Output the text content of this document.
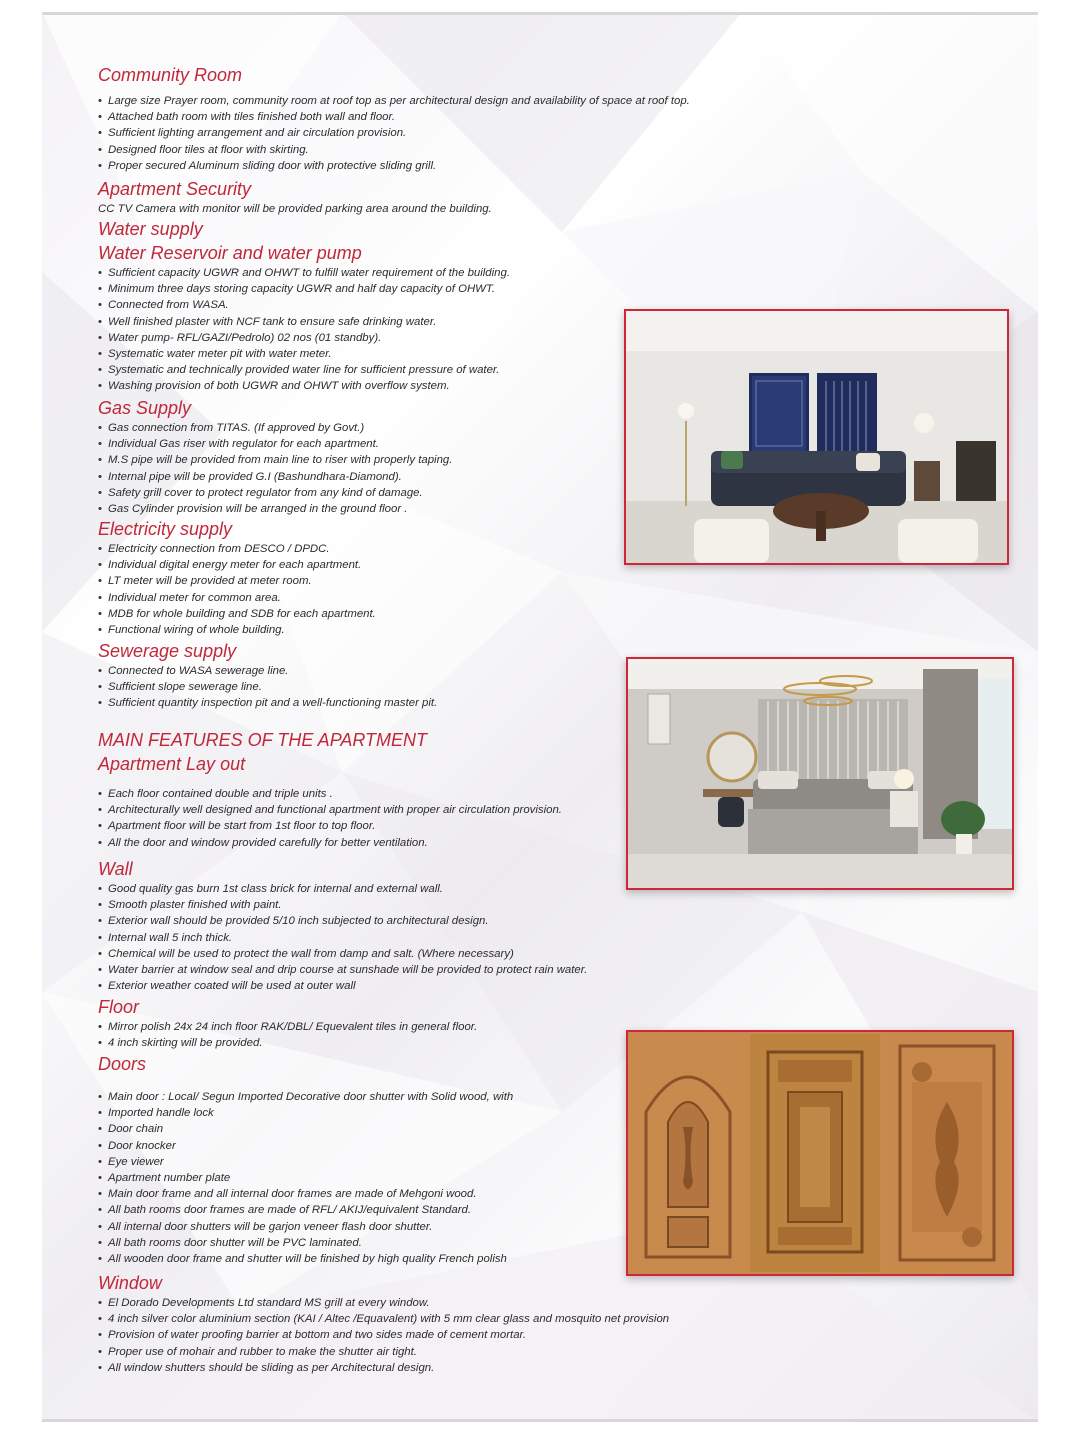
Community Room
• Large size Prayer room, community room at roof top as per architectural design and availability of space at roof top.
• Attached bath room with tiles finished both wall and floor.
• Sufficient lighting arrangement and air circulation provision.
• Designed floor tiles at floor with skirting.
• Proper secured Aluminum sliding door with protective sliding grill.
Apartment Security

CC TV Camera with monitor will be provided parking area around the building.

Water supply
Water Reservoir and water pump
• Sufficient capacity UGWR and OHWT to fulfill water requirement of the building.
• Minimum three days storing capacity UGWR and half day capacity of OHWT.
• Connected from WASA.
• Well finished plaster with NCF tank to ensure safe drinking water.
• Water pump- RFL/GAZI/Pedrolo) 02 nos (01 standby).
• Systematic water meter pit with water meter.
• Systematic and technically provided water line for sufficient pressure of water.
• Washing provision of both UGWR and OHWT with overflow system.
Gas Supply
• Gas connection from TITAS. (If approved by Govt.)
• Individual Gas riser with regulator for each apartment.
• M.S pipe will be provided from main line to riser with properly taping.
• Internal pipe will be provided G.I (Bashundhara-Diamond).
• Safety grill cover to protect regulator from any kind of damage.
• Gas Cylinder provision will be arranged in the ground floor .
Electricity supply
• Electricity connection from DESCO / DPDC.
• Individual digital energy meter for each apartment.
• LT meter will be provided at meter room.
• Individual meter for common area.
• MDB for whole building and SDB for each apartment.
• Functional wiring of whole building.
Sewerage supply
• Connected to WASA sewerage line.
• Sufficient slope sewerage line.
• Sufficient quantity inspection pit and a well-functioning master pit.
MAIN FEATURES OF THE APARTMENT
Apartment Lay out
• Each floor contained double and triple units .
• Architecturally well designed and functional apartment with proper air circulation provision.
• Apartment floor will be start from 1st floor to top floor.
• All the door and window provided carefully for better ventilation.
Wall
• Good quality gas burn 1st class brick for internal and external wall.
• Smooth plaster finished with paint.
• Exterior wall should be provided 5/10 inch subjected to architectural design.
• Internal wall 5 inch thick.
• Chemical will be used to protect the wall from damp and salt. (Where necessary)
• Water barrier at window seal and drip course at sunshade will be provided to protect rain water.
• Exterior weather coated will be used at outer wall
Floor
• Mirror polish 24x 24 inch floor RAK/DBL/ Equevalent tiles in general floor.
• 4 inch skirting will be provided.
Doors
• Main door : Local/ Segun Imported Decorative door shutter with Solid wood, with
• Imported handle lock
• Door chain
• Door knocker
• Eye viewer
• Apartment number plate
• Main door frame and all internal door frames are made of Mehgoni wood.
• All bath rooms door frames are made of RFL/ AKIJ/equivalent Standard.
• All internal door shutters will be garjon veneer flash door shutter.
• All bath rooms door shutter will be PVC laminated.
• All wooden door frame and shutter will be finished by high quality French polish
Window
• El Dorado Developments Ltd standard MS grill at every window.
• 4 inch silver color aluminium section (KAI / Altec /Equavalent) with 5 mm clear glass and mosquito net provision
• Provision of water proofing barrier at bottom and two sides made of cement mortar.
• Proper use of mohair and rubber to make the shutter air tight.
• All window shutters should be sliding as per Architectural design.
